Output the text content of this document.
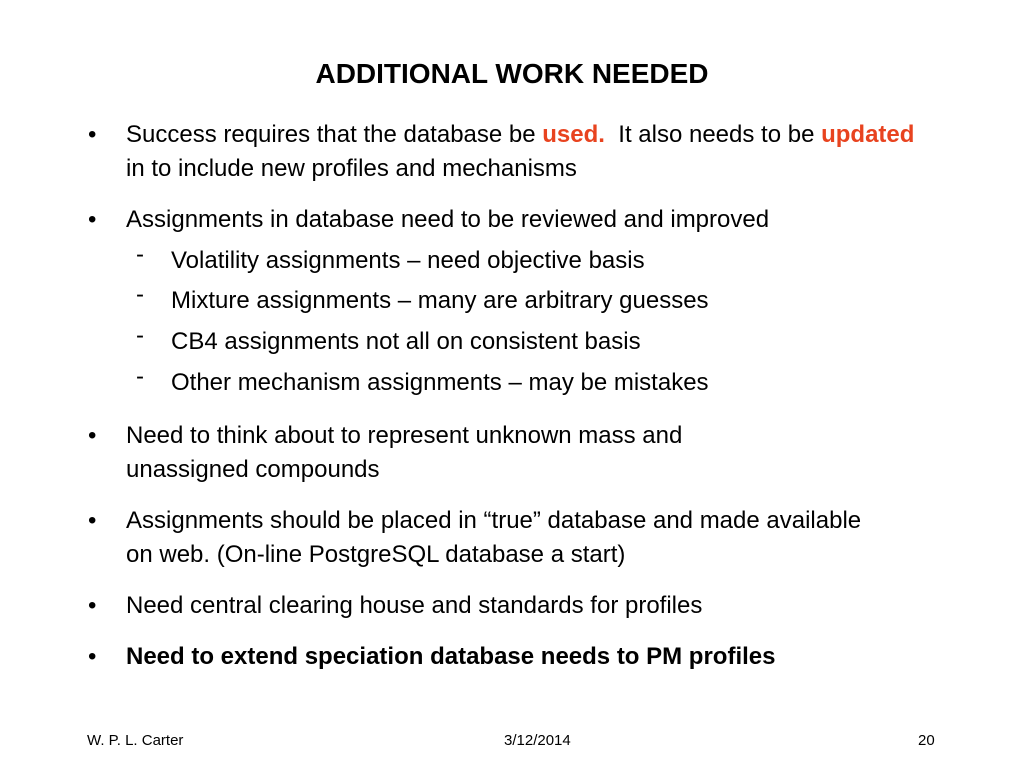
ADDITIONAL WORK NEEDED
• Success requires that the database be used.  It also needs to be updated in to include new profiles and mechanisms
• Assignments in database need to be reviewed and improved
- Volatility assignments – need objective basis
- Mixture assignments – many are arbitrary guesses
- CB4 assignments not all on consistent basis
- Other mechanism assignments – may be mistakes
• Need to think about to represent unknown mass and unassigned compounds
• Assignments should be placed in “true” database and made available on web. (On-line PostgreSQL database a start)
• Need central clearing house and standards for profiles
• Need to extend speciation database needs to PM profiles
W. P. L. Carter	3/12/2014	20
